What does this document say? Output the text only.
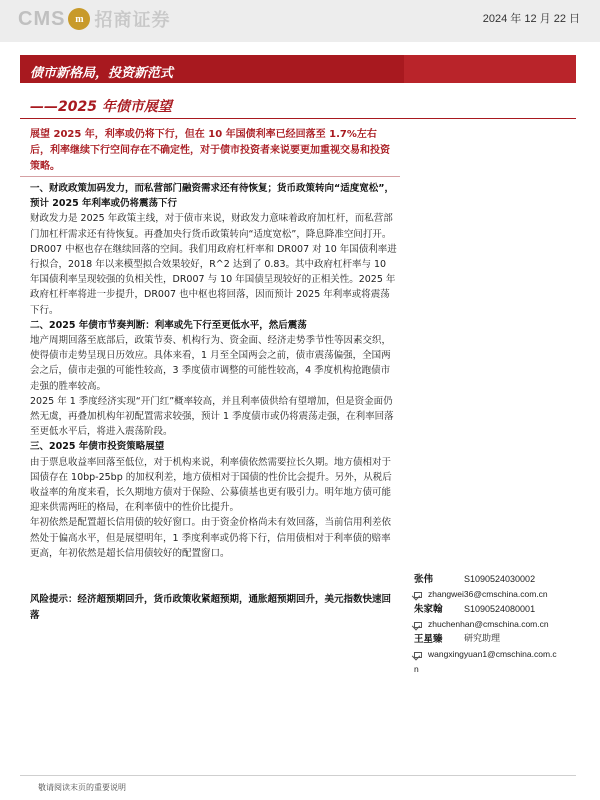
CMS m 招商证券	2024 年 12 月 22 日
债市新格局，投资新范式
——2025 年债市展望
展望 2025 年，利率或仍将下行，但在 10 年国债利率已经回落至 1.7%左右后，利率继续下行空间存在不确定性，对于债市投资者来说要更加重视交易和投资策略。

一、财政政策加码发力，而私营部门融资需求还有待恢复；货币政策转向“适度宽松”，预计 2025 年利率或仍将震荡下行

财政发力是 2025 年政策主线，对于债市来说，财政发力意味着政府加杠杆，而私营部门加杠杆需求还有待恢复。再叠加央行货币政策转向“适度宽松”，降息降准空间打开。DR007 中枢也存在继续回落的空间。我们用政府杠杆率和 DR007 对 10 年国债利率进行拟合，2018 年以来模型拟合效果较好，R^2 达到了 0.83。其中政府杠杆率与 10 年国债利率呈现较强的负相关性，DR007 与 10 年国债呈现较好的正相关性。2025 年政府杠杆率将进一步提升，DR007 也中枢也将回落，因而预计 2025 年利率或将震荡下行。

二、2025 年债市节奏判断：利率或先下行至更低水平，然后震荡

地产周期回落至底部后，政策节奏、机构行为、资金面、经济走势季节性等因素交织，使得债市走势呈现日历效应。具体来看，1 月至全国两会之前，债市震荡偏强，全国两会之后，债市走强的可能性较高，3 季度债市调整的可能性较高，4 季度机构抢跑债市走强的胜率较高。

2025 年 1 季度经济实现“开门红”概率较高，并且利率债供给有望增加，但是资金面仍然无虞，再叠加机构年初配置需求较强，预计 1 季度债市或仍将震荡走强，在利率回落至更低水平后，将进入震荡阶段。

三、2025 年债市投资策略展望

由于票息收益率回落至低位，对于机构来说，利率债依然需要拉长久期。地方债相对于国债存在 10bp-25bp 的加权利差，地方债相对于国债的性价比会提升。另外，从税后收益率的角度来看，长久期地方债对于保险、公募债基也更有吸引力。明年地方债可能迎来供需两旺的格局，在利率债中的性价比提升。

年初依然是配置超长信用债的较好窗口。由于资金价格尚未有效回落，当前信用利差依然处于偏高水平，但是展望明年，1 季度利率或仍将下行，信用债相对于利率债的赔率更高，年初依然是超长信用债较好的配置窗口。

风险提示：经济超预期回升，货币政策收紧超预期，通胀超预期回升，美元指数快速回落
张伟	S1090524030002
zhangwei36@cmschina.com.cn
朱家翰	S1090524080001
zhuchenhan@cmschina.com.cn
王星臻	研究助理
wangxingyuan1@cmschina.com.c
n
敬请阅读末页的重要说明
